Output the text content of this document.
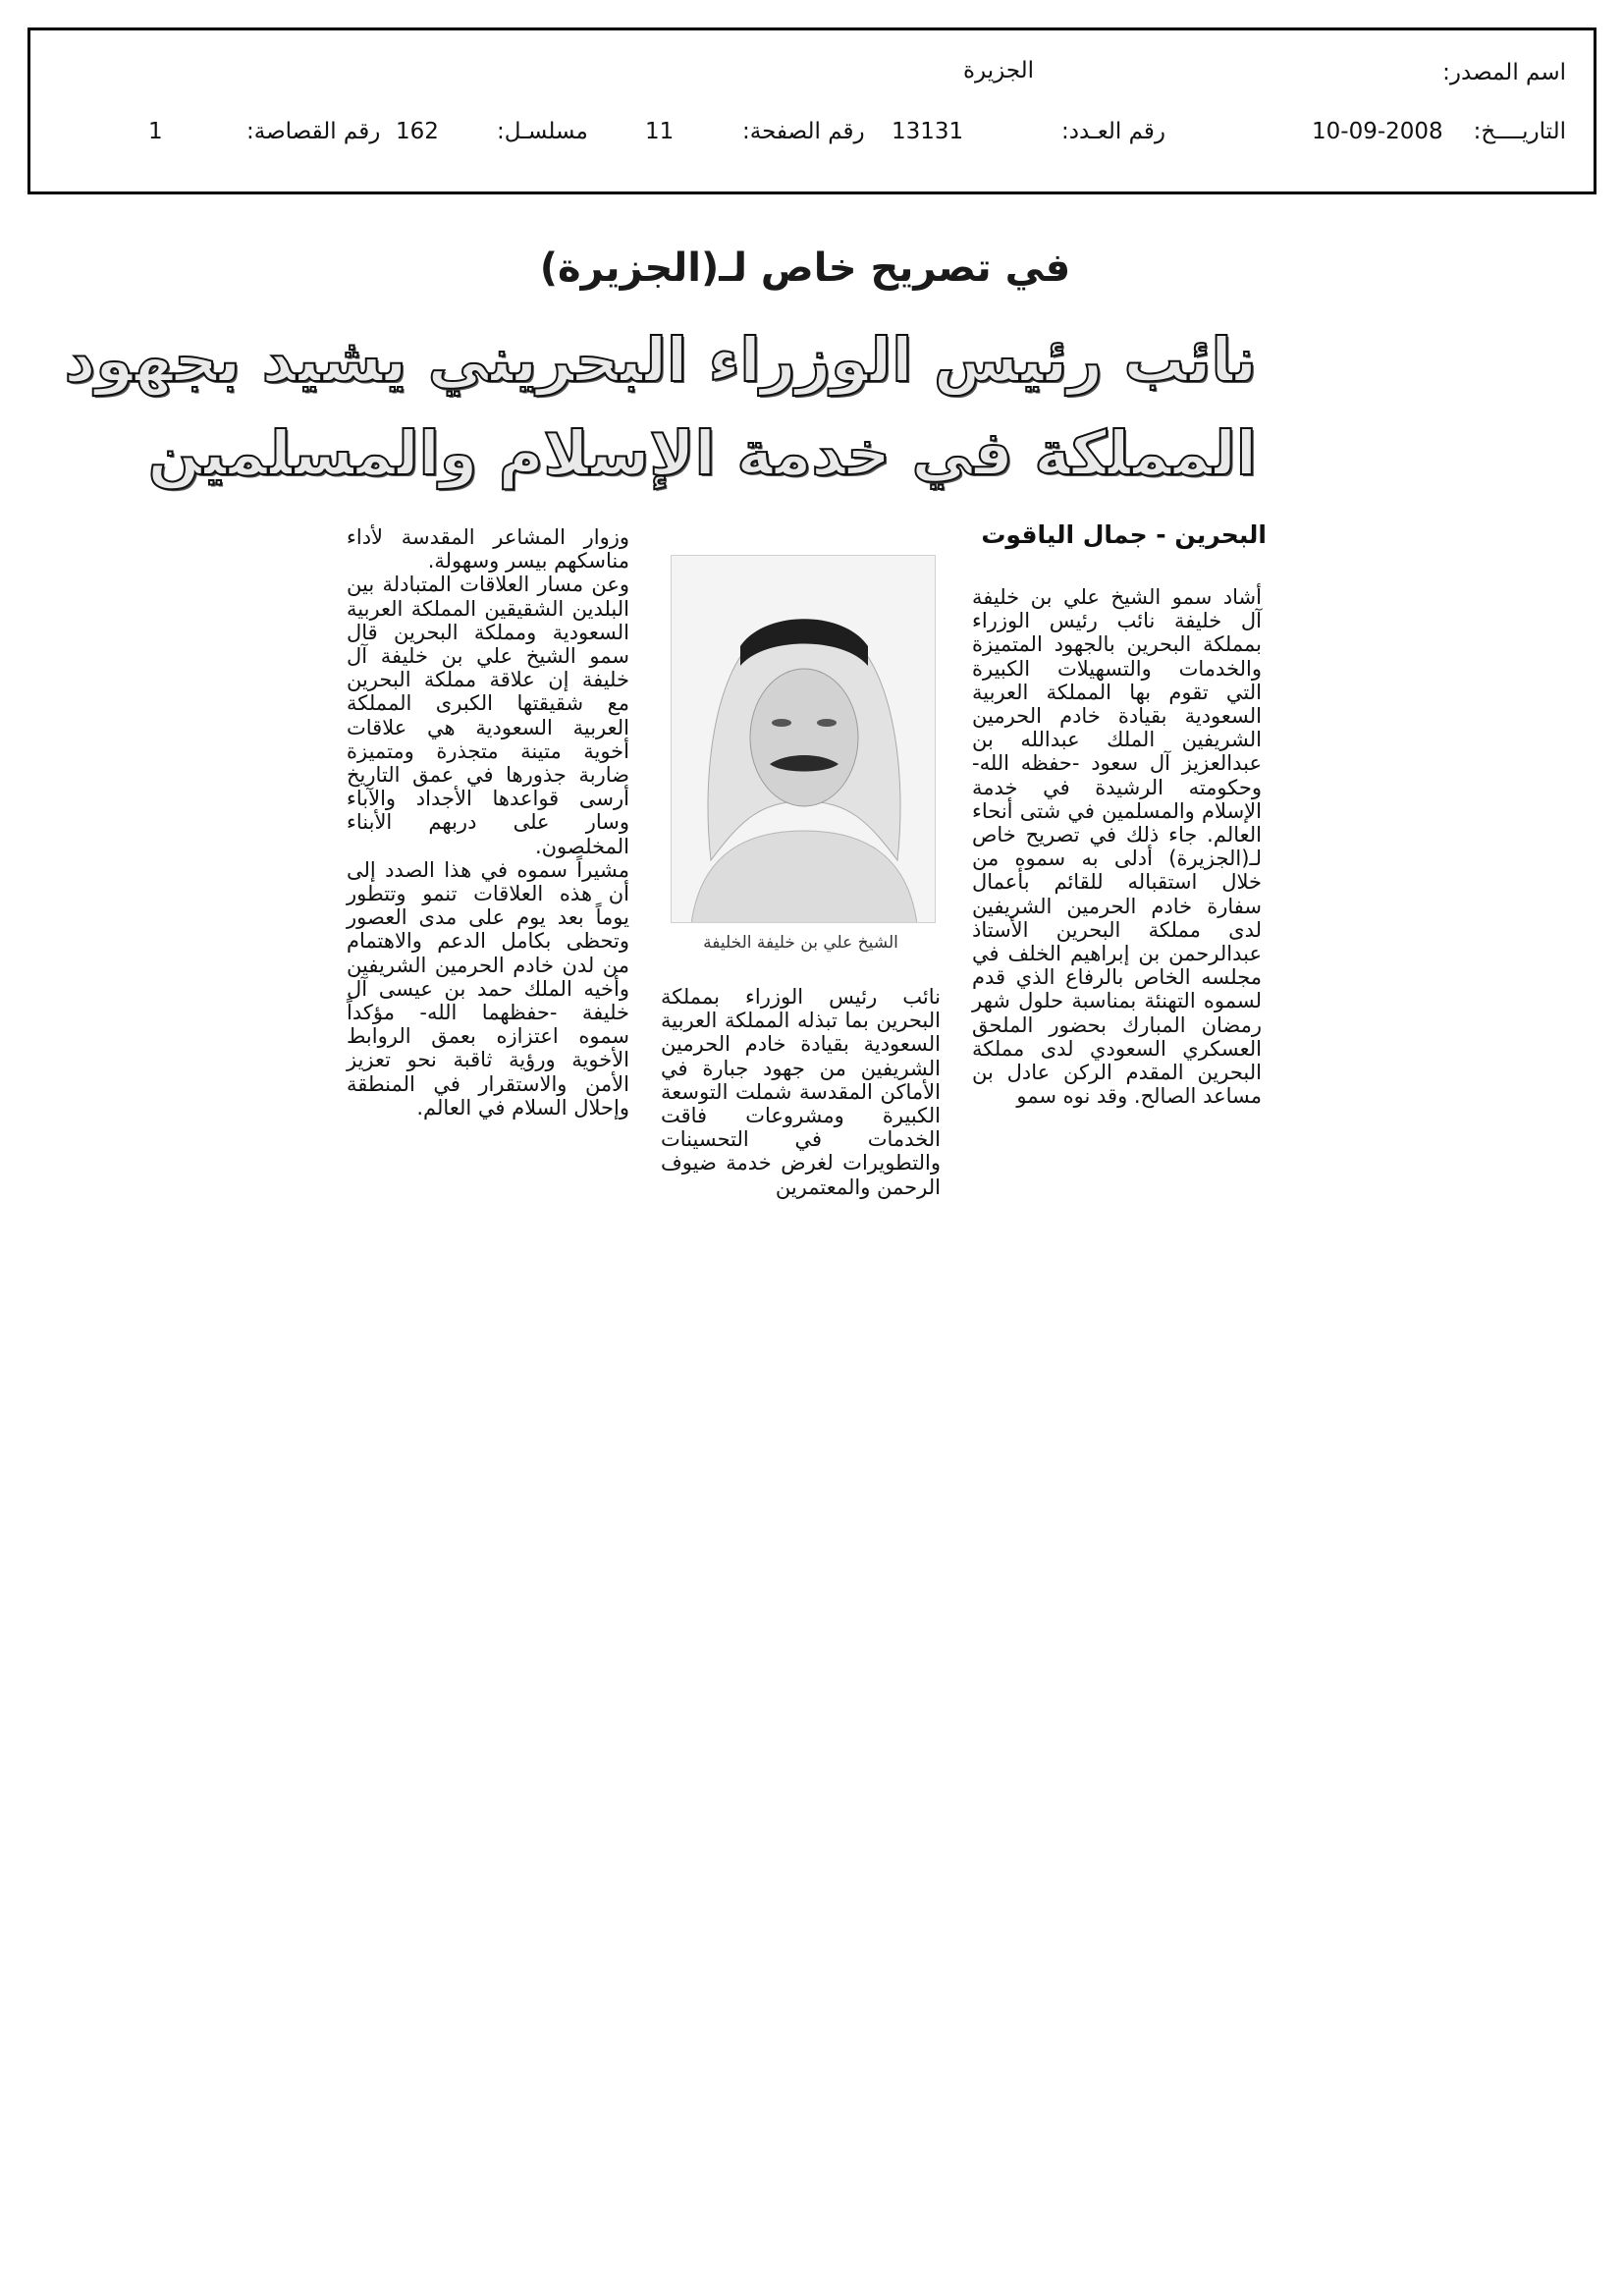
اسم المصدر:
الجزيرة
التاريــــخ:
10-09-2008
رقم العـدد:
13131
رقم الصفحة:
11
مسلسـل:
162
رقم القصاصة:
1
في تصريح خاص لـ(الجزيرة)
نائب رئيس الوزراء البحريني يشيد بجهود
المملكة في خدمة الإسلام والمسلمين
البحرين - جمال الياقوت

أشاد سمو الشيخ علي بن خليفة آل خليفة نائب رئيس الوزراء بمملكة البحرين بالجهود المتميزة والخدمات والتسهيلات الكبيرة التي تقوم بها المملكة العربية السعودية بقيادة خادم الحرمين الشريفين الملك عبدالله بن عبدالعزيز آل سعود -حفظه الله- وحكومته الرشيدة في خدمة الإسلام والمسلمين في شتى أنحاء العالم. جاء ذلك في تصريح خاص لـ(الجزيرة) أدلى به سموه من خلال استقباله للقائم بأعمال سفارة خادم الحرمين الشريفين لدى مملكة البحرين الأستاذ عبدالرحمن بن إبراهيم الخلف في مجلسه الخاص بالرفاع الذي قدم لسموه التهنئة بمناسبة حلول شهر رمضان المبارك بحضور الملحق العسكري السعودي لدى مملكة البحرين المقدم الركن عادل بن مساعد الصالح. وقد نوه سمو

الشيخ علي بن خليفة الخليفة

نائب رئيس الوزراء بمملكة البحرين بما تبذله المملكة العربية السعودية بقيادة خادم الحرمين الشريفين من جهود جبارة في الأماكن المقدسة شملت التوسعة الكبيرة ومشروعات فاقت الخدمات في التحسينات والتطويرات لغرض خدمة ضيوف الرحمن والمعتمرين

وزوار المشاعر المقدسة لأداء مناسكهم بيسر وسهولة.

وعن مسار العلاقات المتبادلة بين البلدين الشقيقين المملكة العربية السعودية ومملكة البحرين قال سمو الشيخ علي بن خليفة آل خليفة إن علاقة مملكة البحرين مع شقيقتها الكبرى المملكة العربية السعودية هي علاقات أخوية متينة متجذرة ومتميزة ضاربة جذورها في عمق التاريخ أرسى قواعدها الأجداد والآباء وسار على دربهم الأبناء المخلصون.

مشيراً سموه في هذا الصدد إلى أن هذه العلاقات تنمو وتتطور يوماً بعد يوم على مدى العصور وتحظى بكامل الدعم والاهتمام من لدن خادم الحرمين الشريفين وأخيه الملك حمد بن عيسى آل خليفة -حفظهما الله- مؤكداً سموه اعتزازه بعمق الروابط الأخوية ورؤية ثاقبة نحو تعزيز الأمن والاستقرار في المنطقة وإحلال السلام في العالم.
